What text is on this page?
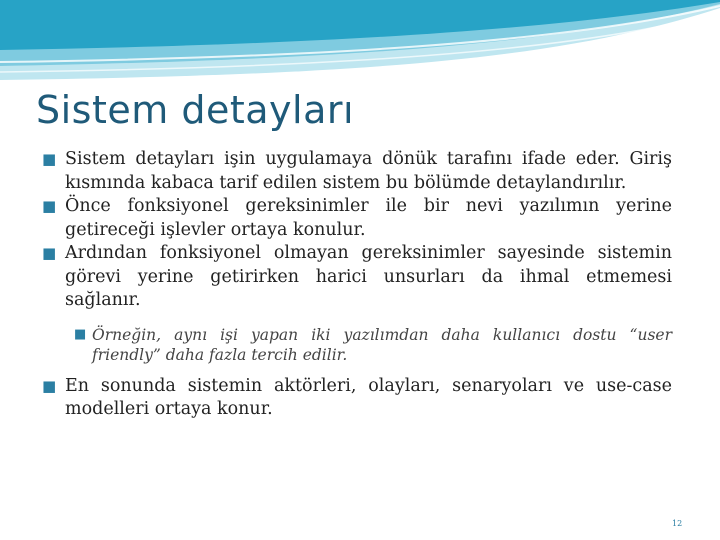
Sistem detayları

■ Sistem detayları işin uygulamaya dönük tarafını ifade eder. Giriş kısmında kabaca tarif edilen sistem bu bölümde detaylandırılır.

■ Önce fonksiyonel gereksinimler ile bir nevi yazılımın yerine getireceği işlevler ortaya konulur.

■ Ardından fonksiyonel olmayan gereksinimler sayesinde sistemin görevi yerine getirirken harici unsurları da ihmal etmemesi sağlanır.

■ Örneğin, aynı işi yapan iki yazılımdan daha kullanıcı dostu “user friendly” daha fazla tercih edilir.

■ En sonunda sistemin aktörleri, olayları, senaryoları ve use-case modelleri ortaya konur.

12
